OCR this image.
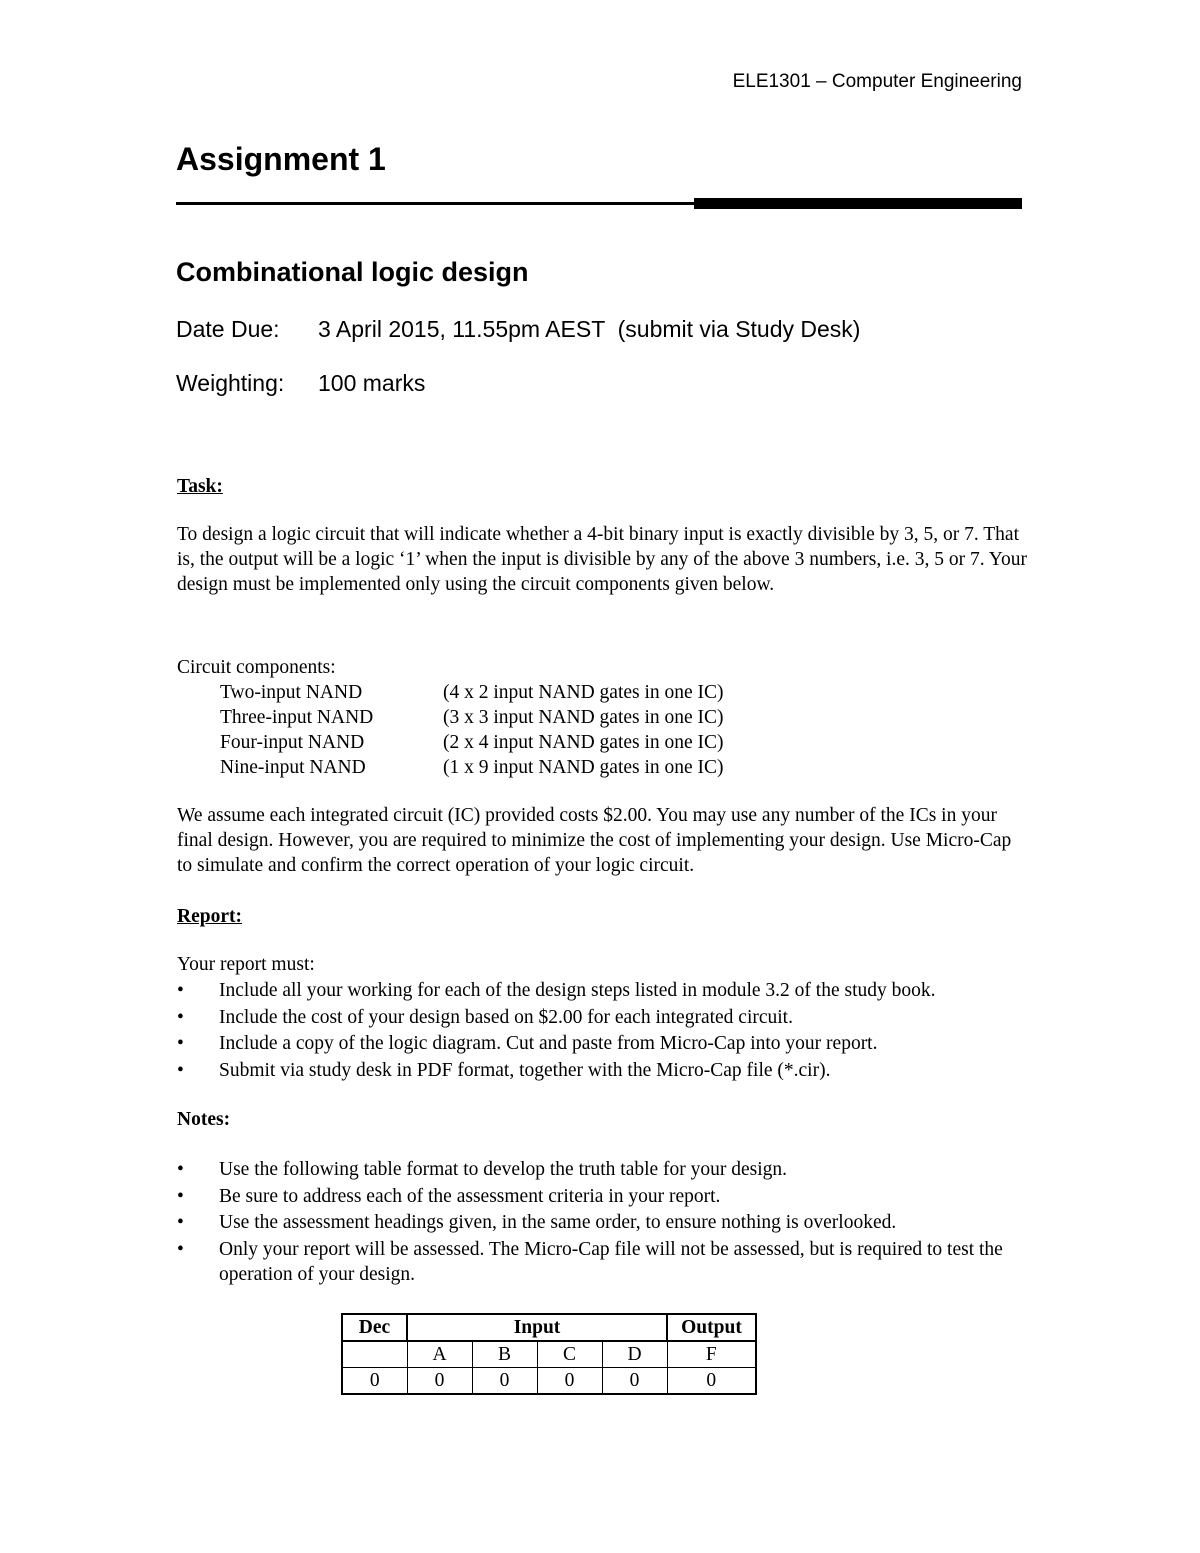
ELE1301 – Computer Engineering
Assignment 1
Combinational logic design
Date Due: 3 April 2015, 11.55pm AEST  (submit via Study Desk)
Weighting: 100 marks
Task:
To design a logic circuit that will indicate whether a 4-bit binary input is exactly divisible by 3, 5, or 7. That is, the output will be a logic ‘1’ when the input is divisible by any of the above 3 numbers, i.e. 3, 5 or 7. Your design must be implemented only using the circuit components given below.
Circuit components:
Two-input NAND	(4 x 2 input NAND gates in one IC)
Three-input NAND	(3 x 3 input NAND gates in one IC)
Four-input NAND	(2 x 4 input NAND gates in one IC)
Nine-input NAND	(1 x 9 input NAND gates in one IC)
We assume each integrated circuit (IC) provided costs $2.00. You may use any number of the ICs in your final design. However, you are required to minimize the cost of implementing your design. Use Micro-Cap to simulate and confirm the correct operation of your logic circuit.
Report:
Your report must:
• Include all your working for each of the design steps listed in module 3.2 of the study book.
• Include the cost of your design based on $2.00 for each integrated circuit.
• Include a copy of the logic diagram. Cut and paste from Micro-Cap into your report.
• Submit via study desk in PDF format, together with the Micro-Cap file (*.cir).
Notes:
• Use the following table format to develop the truth table for your design.
• Be sure to address each of the assessment criteria in your report.
• Use the assessment headings given, in the same order, to ensure nothing is overlooked.
• Only your report will be assessed. The Micro-Cap file will not be assessed, but is required to test the operation of your design.
Dec	Input				Output
	A	B	C	D	F
0	0	0	0	0	0
